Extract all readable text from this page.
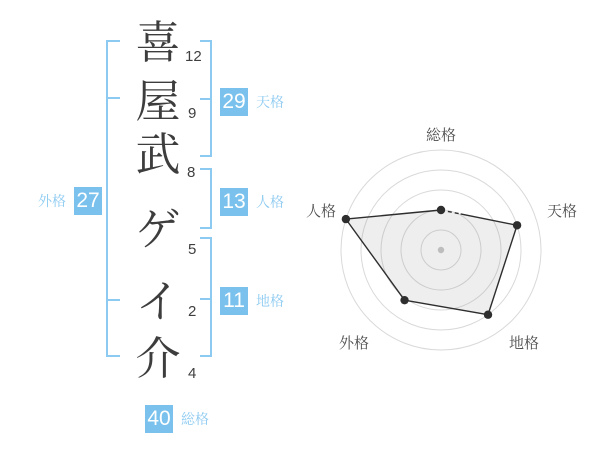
喜
屋
武
ゲ
イ
介
12
9
8
5
2
4
29 天格
13 人格
11 地格
外格 27
40 総格
総格
天格
地格
外格
人格
